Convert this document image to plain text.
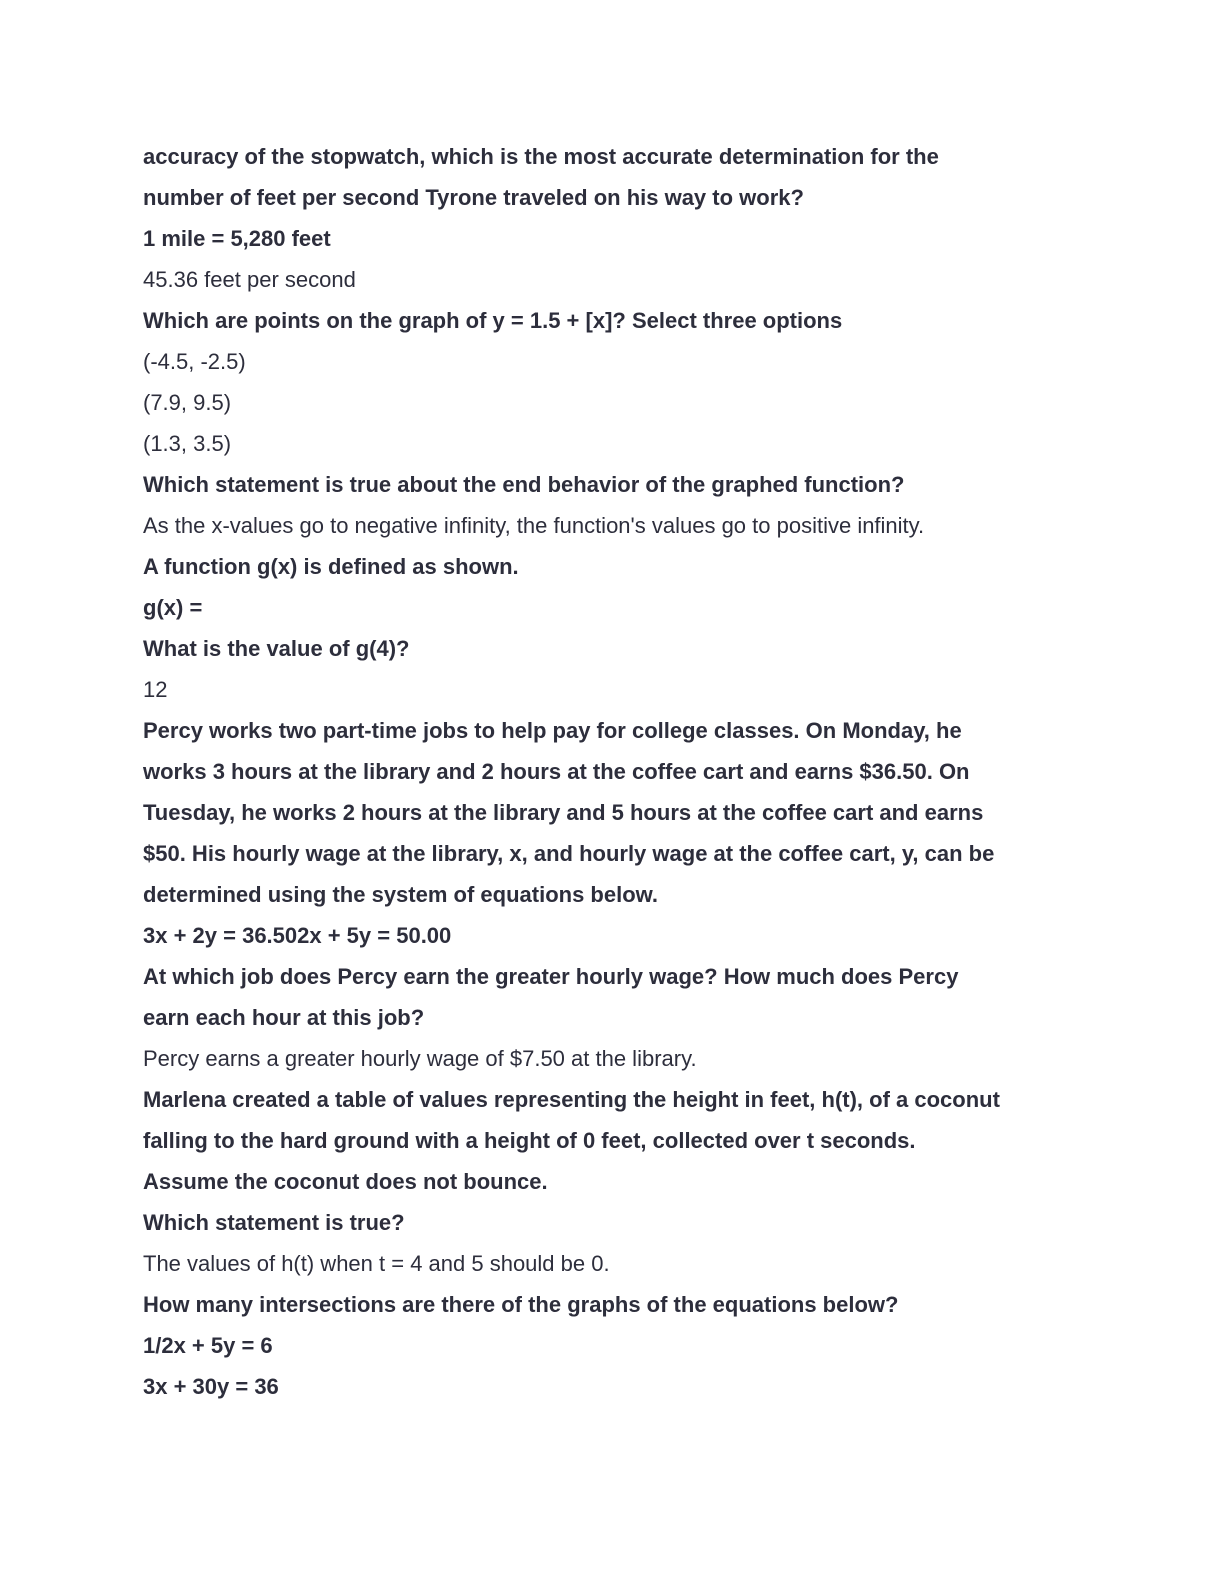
accuracy of the stopwatch, which is the most accurate determination for the
number of feet per second Tyrone traveled on his way to work?
1 mile = 5,280 feet
45.36 feet per second
Which are points on the graph of y = 1.5 + [x]? Select three options
(-4.5, -2.5)
(7.9, 9.5)
(1.3, 3.5)
Which statement is true about the end behavior of the graphed function?
As the x-values go to negative infinity, the function's values go to positive infinity.
A function g(x) is defined as shown.
g(x) =
What is the value of g(4)?
12
Percy works two part-time jobs to help pay for college classes. On Monday, he
works 3 hours at the library and 2 hours at the coffee cart and earns $36.50. On
Tuesday, he works 2 hours at the library and 5 hours at the coffee cart and earns
$50. His hourly wage at the library, x, and hourly wage at the coffee cart, y, can be
determined using the system of equations below.
3x + 2y = 36.502x + 5y = 50.00
At which job does Percy earn the greater hourly wage? How much does Percy
earn each hour at this job?
Percy earns a greater hourly wage of $7.50 at the library.
Marlena created a table of values representing the height in feet, h(t), of a coconut
falling to the hard ground with a height of 0 feet, collected over t seconds.
Assume the coconut does not bounce.
Which statement is true?
The values of h(t) when t = 4 and 5 should be 0.
How many intersections are there of the graphs of the equations below?
1/2x + 5y = 6
3x + 30y = 36
